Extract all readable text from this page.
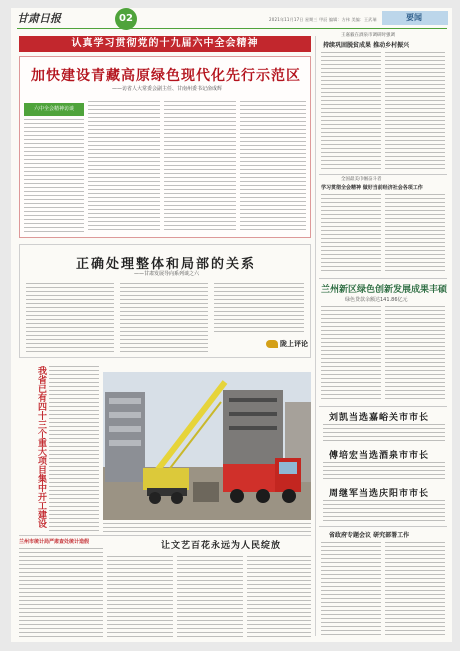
甘肃日报	02	2021年11月17日 星期三 甲辰 编辑：方伟 美编：王武瑞	要闻
认真学习贯彻党的十九届六中全会精神
加快建设青藏高原绿色现代化先行示范区
——访省人大常委会副主任、甘南州委书记俞成辉
六中全会精神访谈
正确处理整体和局部的关系
——甘肃发展导向系列谈之六
陇上评论
我省已有四十三个重大项目集中开工建设
兰州市统计局严肃查处统计造假	让文艺百花永远为人民绽放
王嘉毅在酒泉市调研时强调
持续巩固脱贫成果 推动乡村振兴
全国最美巾帼奋斗者
学习贯彻全会精神 做好当前经济社会各项工作
兰州新区绿色创新发展成果丰硕
绿色贷款余额达141.86亿元
刘凯当选嘉峪关市市长
傅培宏当选酒泉市市长
周继军当选庆阳市市长
省政府专题会议 研究部署工作
